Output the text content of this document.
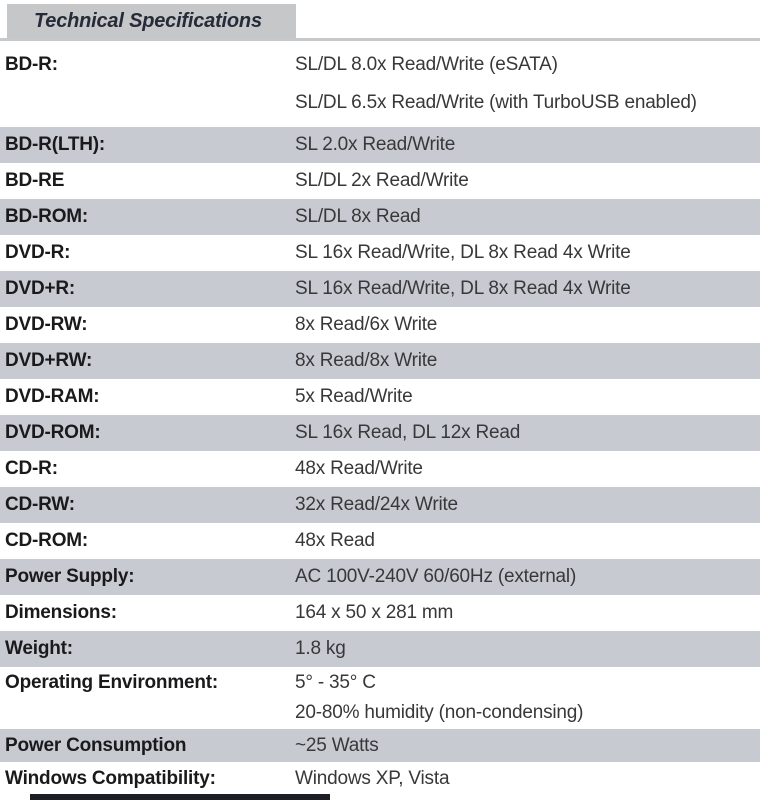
Technical Specifications
BD-R:	SL/DL 8.0x Read/Write (eSATA)
SL/DL 6.5x Read/Write (with TurboUSB enabled)
BD-R(LTH):	SL 2.0x Read/Write
BD-RE	SL/DL 2x Read/Write
BD-ROM:	SL/DL 8x Read
DVD-R:	SL 16x Read/Write, DL 8x Read 4x Write
DVD+R:	SL 16x Read/Write, DL 8x Read 4x Write
DVD-RW:	8x Read/6x Write
DVD+RW:	8x Read/8x Write
DVD-RAM:	5x Read/Write
DVD-ROM:	SL 16x Read, DL 12x Read
CD-R:	48x Read/Write
CD-RW:	32x Read/24x Write
CD-ROM:	48x Read
Power Supply:	AC 100V-240V 60/60Hz (external)
Dimensions:	164 x 50 x 281 mm
Weight:	1.8 kg
Operating Environment:	5° - 35° C
20-80% humidity (non-condensing)
Power Consumption	~25 Watts
Windows Compatibility:	Windows XP, Vista
